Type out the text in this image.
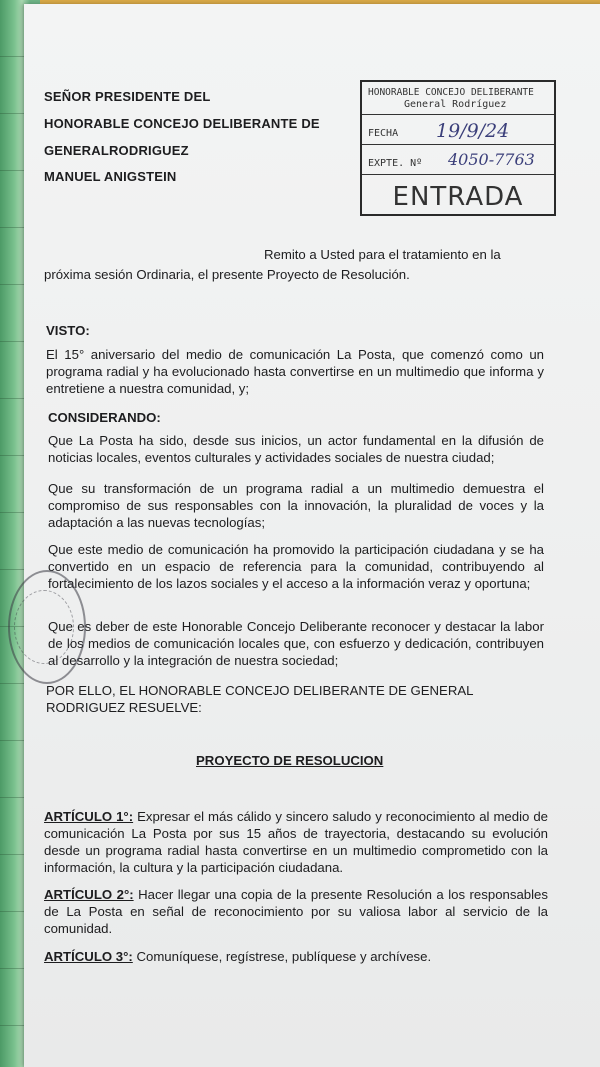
SEÑOR PRESIDENTE DEL
HONORABLE CONCEJO DELIBERANTE DE
GENERALRODRIGUEZ
MANUEL ANIGSTEIN
HONORABLE CONCEJO DELIBERANTE
General Rodríguez
FECHA 19/9/24
EXPTE. Nº 4050-7763
ENTRADA
Remito a Usted para el tratamiento en la
próxima sesión Ordinaria, el presente Proyecto de Resolución.
VISTO:
El 15° aniversario del medio de comunicación La Posta, que comenzó como un programa radial y ha evolucionado hasta convertirse en un multimedio que informa y entretiene a nuestra comunidad, y;
CONSIDERANDO:
Que La Posta ha sido, desde sus inicios, un actor fundamental en la difusión de noticias locales, eventos culturales y actividades sociales de nuestra ciudad;
Que su transformación de un programa radial a un multimedio demuestra el compromiso de sus responsables con la innovación, la pluralidad de voces y la adaptación a las nuevas tecnologías;
Que este medio de comunicación ha promovido la participación ciudadana y se ha convertido en un espacio de referencia para la comunidad, contribuyendo al fortalecimiento de los lazos sociales y el acceso a la información veraz y oportuna;
Que es deber de este Honorable Concejo Deliberante reconocer y destacar la labor de los medios de comunicación locales que, con esfuerzo y dedicación, contribuyen al desarrollo y la integración de nuestra sociedad;
POR ELLO, EL HONORABLE CONCEJO DELIBERANTE DE GENERAL RODRIGUEZ RESUELVE:
PROYECTO DE RESOLUCION
ARTÍCULO 1°: Expresar el más cálido y sincero saludo y reconocimiento al medio de comunicación La Posta por sus 15 años de trayectoria, destacando su evolución desde un programa radial hasta convertirse en un multimedio comprometido con la información, la cultura y la participación ciudadana.
ARTÍCULO 2°: Hacer llegar una copia de la presente Resolución a los responsables de La Posta en señal de reconocimiento por su valiosa labor al servicio de la comunidad.
ARTÍCULO 3°: Comuníquese, regístrese, publíquese y archívese.
